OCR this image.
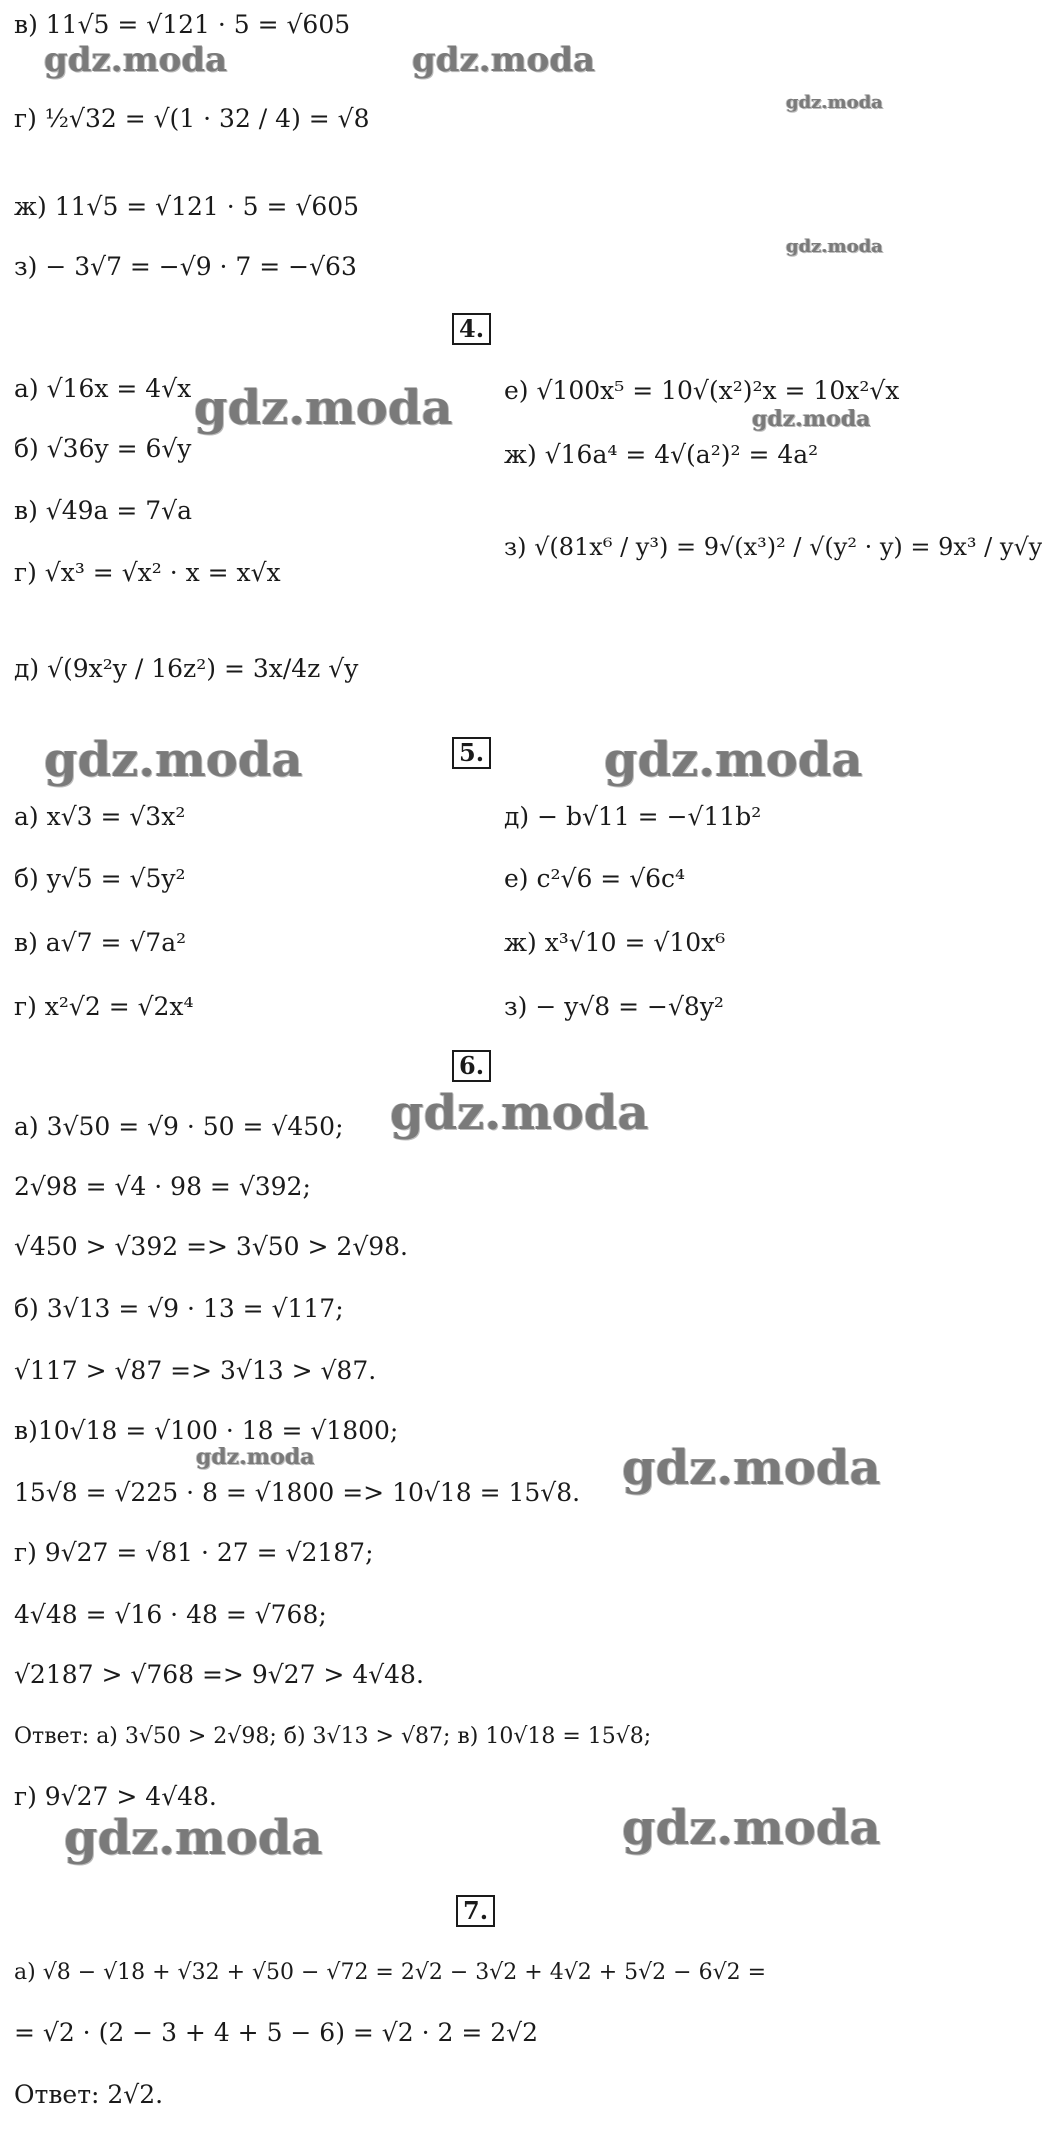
в) 11√5 = √121 · 5 = √605
г) ½√32 = √(1 · 32 / 4) = √8
ж) 11√5 = √121 · 5 = √605
з) − 3√7 = −√9 · 7 = −√63
4.
а) √16x = 4√x
б) √36y = 6√y
в) √49a = 7√a
г) √x³ = √x² · x = x√x
д) √(9x²y / 16z²) = 3x/4z √y
е) √100x⁵ = 10√(x²)²x = 10x²√x
ж) √16a⁴ = 4√(a²)² = 4a²
з) √(81x⁶ / y³) = 9√(x³)² / √(y² · y) = 9x³ / y√y
5.
а) x√3 = √3x²
б) y√5 = √5y²
в) a√7 = √7a²
г) x²√2 = √2x⁴
д) − b√11 = −√11b²
е) c²√6 = √6c⁴
ж) x³√10 = √10x⁶
з) − y√8 = −√8y²
6.
а) 3√50 = √9 · 50 = √450;
2√98 = √4 · 98 = √392;
√450 > √392 => 3√50 > 2√98.
б) 3√13 = √9 · 13 = √117;
√117 > √87 => 3√13 > √87.
в)10√18 = √100 · 18 = √1800;
15√8 = √225 · 8 = √1800 => 10√18 = 15√8.
г) 9√27 = √81 · 27 = √2187;
4√48 = √16 · 48 = √768;
√2187 > √768 => 9√27 > 4√48.
Ответ: а) 3√50 > 2√98; б) 3√13 > √87; в) 10√18 = 15√8;
г) 9√27 > 4√48.
7.
а) √8 − √18 + √32 + √50 − √72 = 2√2 − 3√2 + 4√2 + 5√2 − 6√2 =
= √2 · (2 − 3 + 4 + 5 − 6) = √2 · 2 = 2√2
Ответ: 2√2.
gdz.moda	gdz.moda
gdz.moda
gdz.moda
gdz.moda	gdz.moda
gdz.moda	gdz.moda
gdz.moda
gdz.moda	gdz.moda
gdz.moda	gdz.moda
